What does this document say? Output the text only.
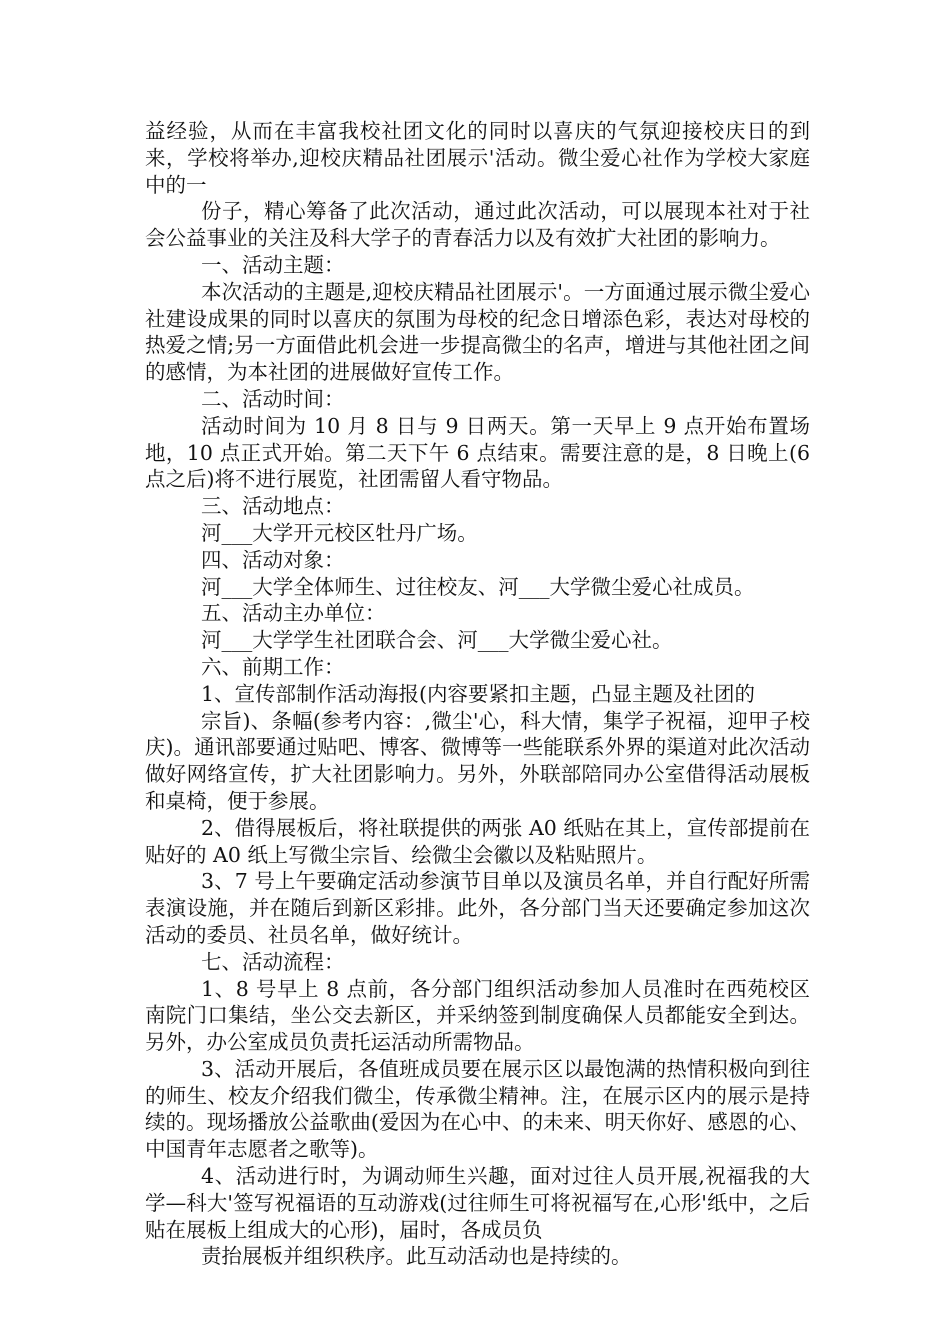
益经验，从而在丰富我校社团文化的同时以喜庆的气氛迎接校庆日的到来，学校将举办,迎校庆精品社团展示'活动。微尘爱心社作为学校大家庭中的一

份子，精心筹备了此次活动，通过此次活动，可以展现本社对于社会公益事业的关注及科大学子的青春活力以及有效扩大社团的影响力。

一、活动主题：

本次活动的主题是,迎校庆精品社团展示'。一方面通过展示微尘爱心社建设成果的同时以喜庆的氛围为母校的纪念日增添色彩，表达对母校的热爱之情;另一方面借此机会进一步提高微尘的名声，增进与其他社团之间的感情，为本社团的进展做好宣传工作。

二、活动时间：

活动时间为 10 月 8 日与 9 日两天。第一天早上 9 点开始布置场地，10 点正式开始。第二天下午 6 点结束。需要注意的是，8 日晚上(6 点之后)将不进行展览，社团需留人看守物品。

三、活动地点：

河___大学开元校区牡丹广场。

四、活动对象：

河___大学全体师生、过往校友、河___大学微尘爱心社成员。

五、活动主办单位：

河___大学学生社团联合会、河___大学微尘爱心社。

六、前期工作：

1、宣传部制作活动海报(内容要紧扣主题，凸显主题及社团的

宗旨)、条幅(参考内容：,微尘'心，科大情，集学子祝福，迎甲子校庆)。通讯部要通过贴吧、博客、微博等一些能联系外界的渠道对此次活动做好网络宣传，扩大社团影响力。另外，外联部陪同办公室借得活动展板和桌椅，便于参展。

2、借得展板后，将社联提供的两张 A0 纸贴在其上，宣传部提前在贴好的 A0 纸上写微尘宗旨、绘微尘会徽以及粘贴照片。

3、7 号上午要确定活动参演节目单以及演员名单，并自行配好所需表演设施，并在随后到新区彩排。此外，各分部门当天还要确定参加这次活动的委员、社员名单，做好统计。

七、活动流程：

1、8 号早上 8 点前，各分部门组织活动参加人员准时在西苑校区南院门口集结，坐公交去新区，并采纳签到制度确保人员都能安全到达。另外，办公室成员负责托运活动所需物品。

3、活动开展后，各值班成员要在展示区以最饱满的热情积极向到往的师生、校友介绍我们微尘，传承微尘精神。注，在展示区内的展示是持续的。现场播放公益歌曲(爱因为在心中、的未来、明天你好、感恩的心、中国青年志愿者之歌等)。

4、活动进行时，为调动师生兴趣，面对过往人员开展,祝福我的大学—科大'签写祝福语的互动游戏(过往师生可将祝福写在,心形'纸中，之后贴在展板上组成大的心形)，届时，各成员负

责抬展板并组织秩序。此互动活动也是持续的。
